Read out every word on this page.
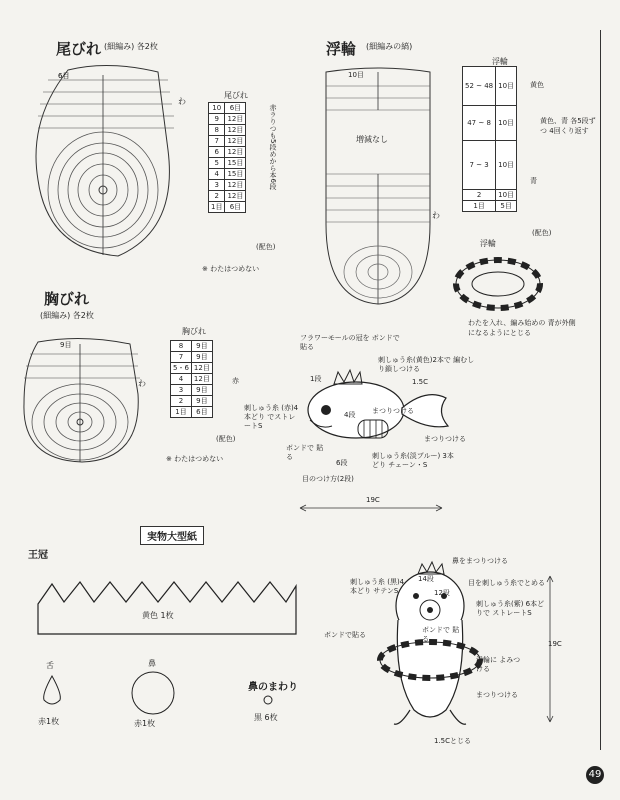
尾びれ (細編み) 各2枚
6目
わ
尾びれ
10	6目
9	12目
8	12目
7	12目
6	12目
5	15目
4	15目
3	12目
2	12目
1目	6目
赤ラりつも5段めから本6段
(配色)
※ わたはつめない
浮輪 (細編みの縞)
10目
増減なし
わ
浮輪
52 ~ 48	10目
47 ~ 8	10目
7 ~ 3	10目
2	10目
1目	5目
黄色
黄色、青 各5段ずつ 4回くり返す
青
(配色)
浮輪
わたを入れ、編み始めの 青が外側になるようにとじる
胸びれ
(細編み) 各2枚
9目
わ
胸びれ
8	9目
7	9目
5・6	12目
4	12目
3	9目
2	9目
1目	6目
赤
(配色)
※ わたはつめない
1段
4段
6段
フラワーモールの冠を ボンドで貼る
刺しゅう糸(黄色)2本で 編むしり鎖しつける
1.5C
まつりつける
刺しゅう糸 (赤)4本どり でストレートS
まつりつける
ボンドで 貼る	刺しゅう糸(淡ブルー) 3本どり チェーン・S
目のつけ方(2段)
19C
実物大型紙
王冠
黄色 1枚
舌
赤1枚
鼻
赤1枚
鼻のまわり
黒 6枚
14段
12段
鼻をまつりつける
目を刺しゅう糸でとめる
刺しゅう糸 (黒)4本どり サテンS
刺しゅう糸(紫) 6本どりで ストレートS
ボンドで貼る
ボンドで 貼る
浮輪に よみつける
まつりつける
1.5Cとじる
19C
49
